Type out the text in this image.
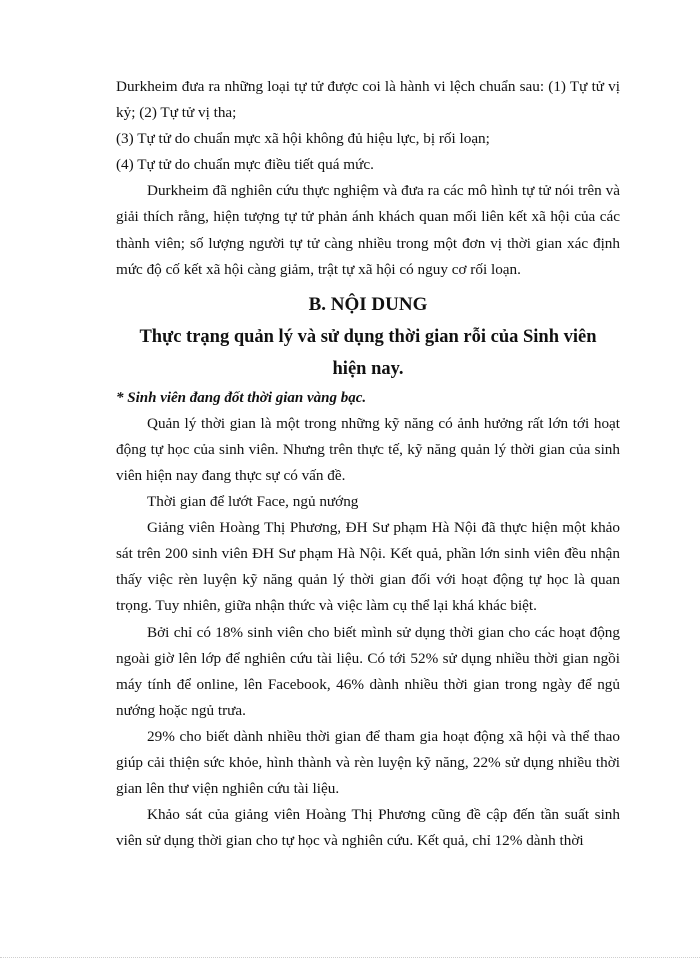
Durkheim đưa ra những loại tự tử được coi là hành vi lệch chuẩn sau: (1) Tự tử vị kỷ; (2) Tự tử vị tha;

(3) Tự tử do chuẩn mực xã hội không đủ hiệu lực, bị rối loạn;

(4) Tự tử do chuẩn mực điều tiết quá mức.

Durkheim đã nghiên cứu thực nghiệm và đưa ra các mô hình tự tử nói trên và giải thích rằng, hiện tượng tự tử phản ánh khách quan mối liên kết xã hội của các thành viên; số lượng người tự tử càng nhiều trong một đơn vị thời gian xác định mức độ cố kết xã hội càng giảm, trật tự xã hội có nguy cơ rối loạn.

B. NỘI DUNG

Thực trạng quản lý và sử dụng thời gian rỗi của Sinh viên

hiện nay.

* Sinh viên đang đốt thời gian vàng bạc.

Quản lý thời gian là một trong những kỹ năng có ảnh hưởng rất lớn tới hoạt động tự học của sinh viên. Nhưng trên thực tế, kỹ năng quản lý thời gian của sinh viên hiện nay đang thực sự có vấn đề.

Thời gian để lướt Face, ngủ nướng

Giảng viên Hoàng Thị Phương, ĐH Sư phạm Hà Nội đã thực hiện một khảo sát trên 200 sinh viên ĐH Sư phạm Hà Nội. Kết quả, phần lớn sinh viên đều nhận thấy việc rèn luyện kỹ năng quản lý thời gian đối với hoạt động tự học là quan trọng. Tuy nhiên, giữa nhận thức và việc làm cụ thể lại khá khác biệt.

Bởi chỉ có 18% sinh viên cho biết mình sử dụng thời gian cho các hoạt động ngoài giờ lên lớp để nghiên cứu tài liệu. Có tới 52% sử dụng nhiều thời gian ngồi máy tính để online, lên Facebook, 46% dành nhiều thời gian trong ngày để ngủ nướng hoặc ngủ trưa.

29% cho biết dành nhiều thời gian để tham gia hoạt động xã hội và thể thao giúp cải thiện sức khỏe, hình thành và rèn luyện kỹ năng, 22% sử dụng nhiều thời gian lên thư viện nghiên cứu tài liệu.

Khảo sát của giảng viên Hoàng Thị Phương cũng đề cập đến tần suất sinh viên sử dụng thời gian cho tự học và nghiên cứu. Kết quả, chỉ 12% dành thời
